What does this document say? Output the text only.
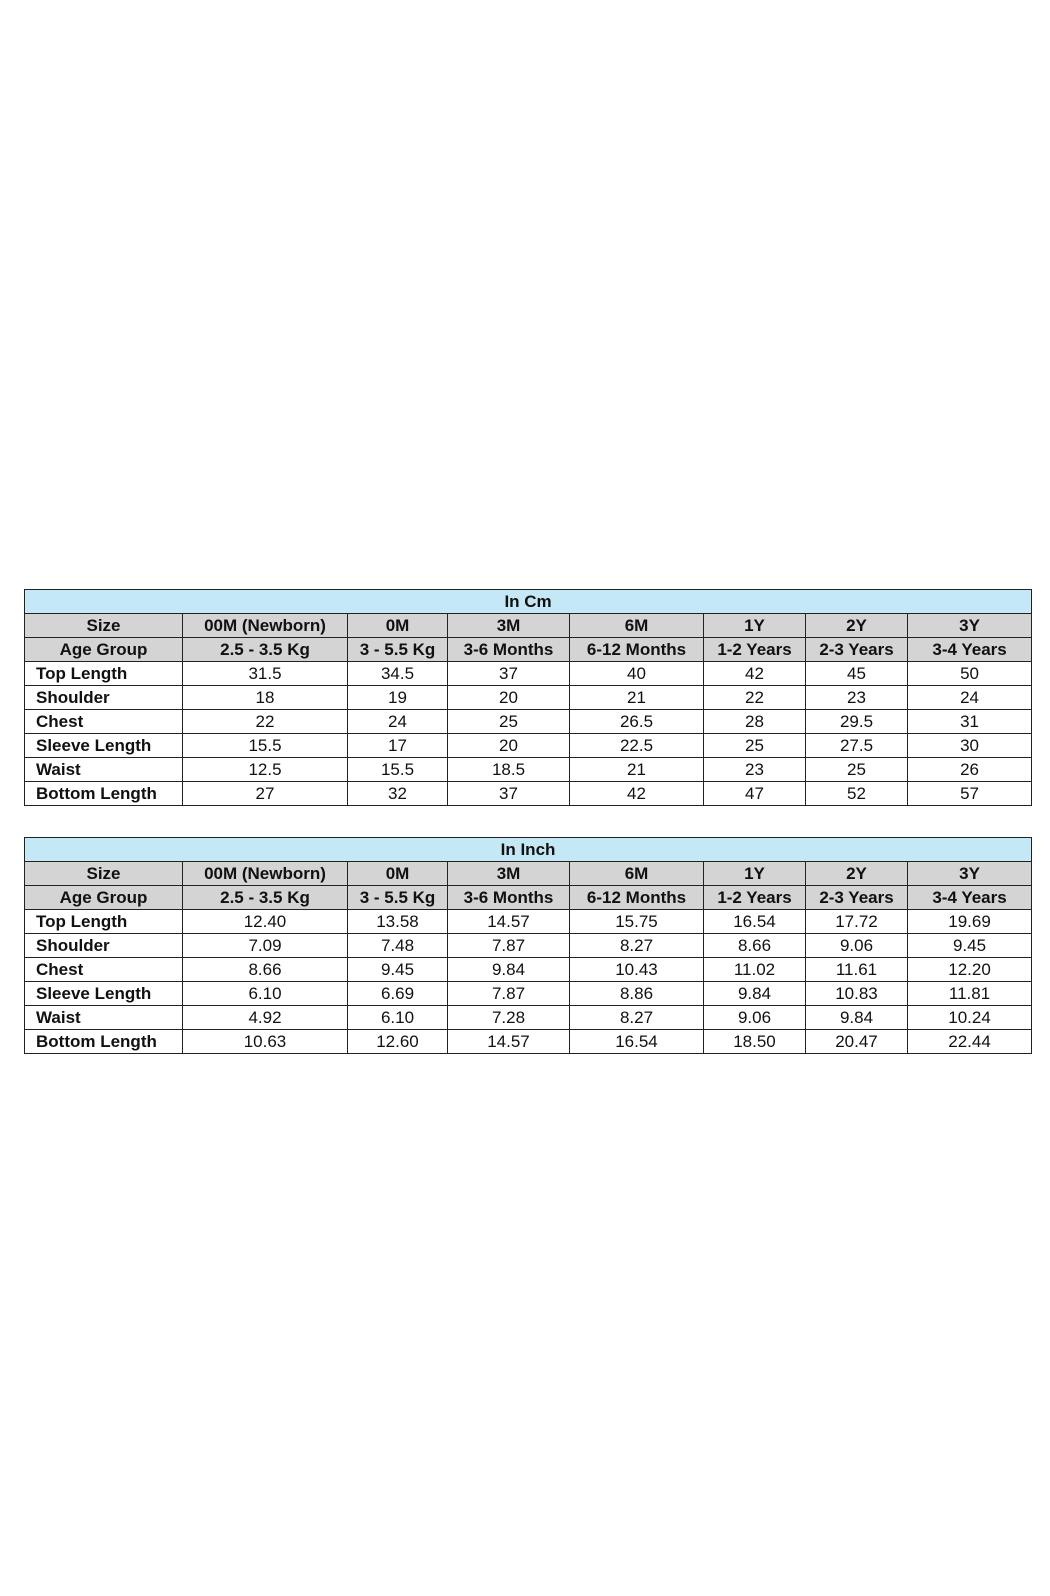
In Cm							
Size	00M (Newborn)	0M	3M	6M	1Y	2Y	3Y
Age Group	2.5 - 3.5 Kg	3 - 5.5 Kg	3-6 Months	6-12 Months	1-2 Years	2-3 Years	3-4 Years
Top Length	31.5	34.5	37	40	42	45	50
Shoulder	18	19	20	21	22	23	24
Chest	22	24	25	26.5	28	29.5	31
Sleeve Length	15.5	17	20	22.5	25	27.5	30
Waist	12.5	15.5	18.5	21	23	25	26
Bottom Length	27	32	37	42	47	52	57
In Inch							
Size	00M (Newborn)	0M	3M	6M	1Y	2Y	3Y
Age Group	2.5 - 3.5 Kg	3 - 5.5 Kg	3-6 Months	6-12 Months	1-2 Years	2-3 Years	3-4 Years
Top Length	12.40	13.58	14.57	15.75	16.54	17.72	19.69
Shoulder	7.09	7.48	7.87	8.27	8.66	9.06	9.45
Chest	8.66	9.45	9.84	10.43	11.02	11.61	12.20
Sleeve Length	6.10	6.69	7.87	8.86	9.84	10.83	11.81
Waist	4.92	6.10	7.28	8.27	9.06	9.84	10.24
Bottom Length	10.63	12.60	14.57	16.54	18.50	20.47	22.44
